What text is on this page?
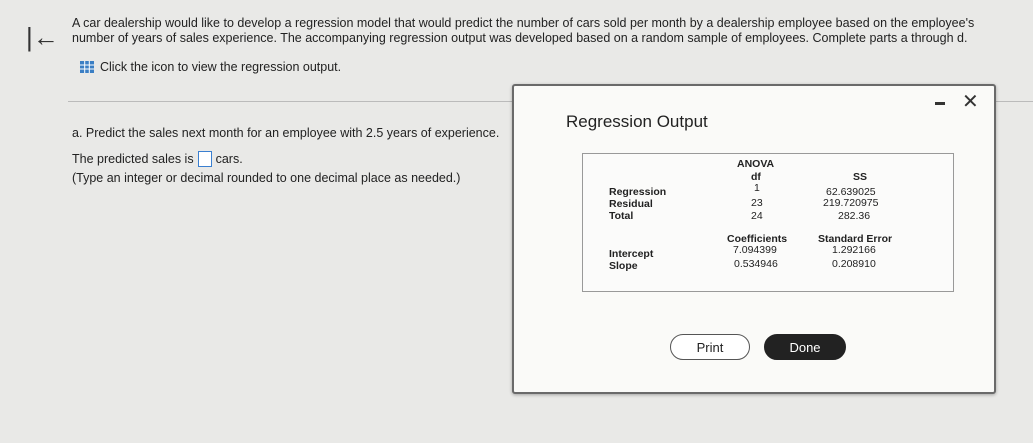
|← A car dealership would like to develop a regression model that would predict the number of cars sold per month by a dealership employee based on the employee's number of years of sales experience. The accompanying regression output was developed based on a random sample of employees. Complete parts a through d.
Click the icon to view the regression output.
a. Predict the sales next month for an employee with 2.5 years of experience.
The predicted sales is cars.
(Type an integer or decimal rounded to one decimal place as needed.)
Regression Output
✕
ANOVA
df	SS
Regression	1	62.639025
Residual	23	219.720975
Total	24	282.36
Coefficients	Standard Error
Intercept	7.094399	1.292166
Slope	0.534946	0.208910
Print	Done
